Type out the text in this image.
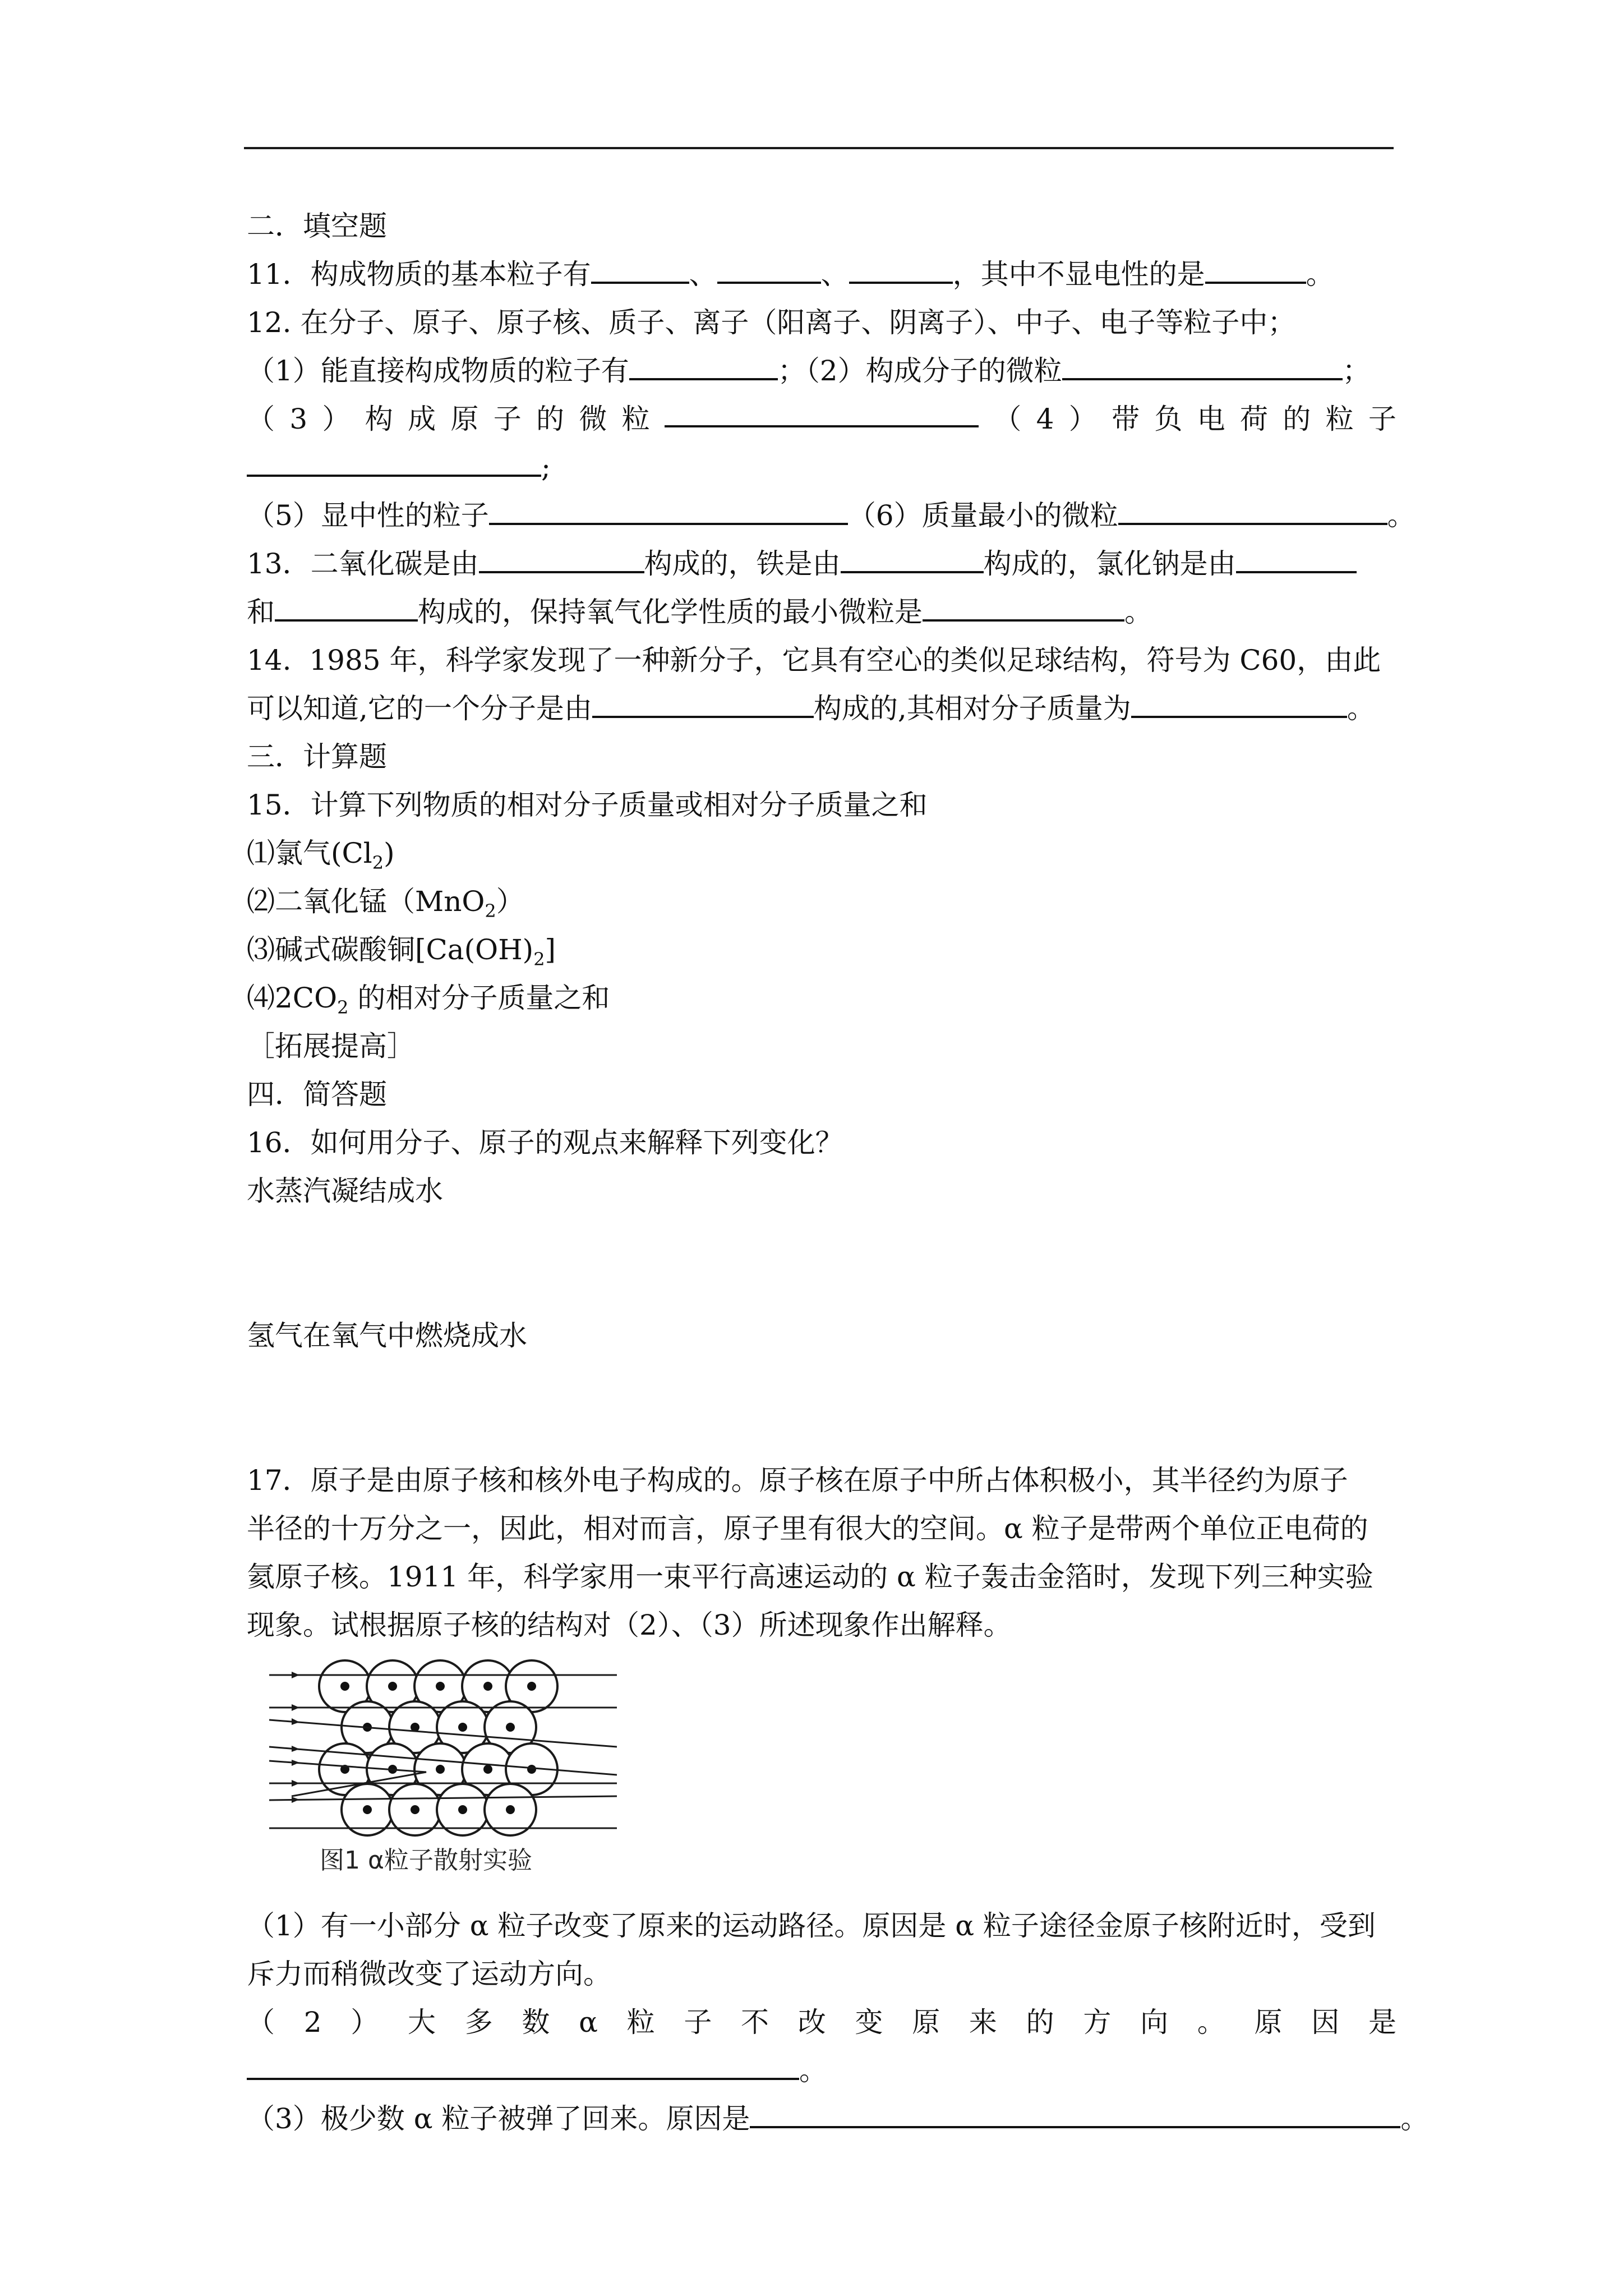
二．填空题
11．构成物质的基本粒子有	、	、	，其中不显电性的是	。
12. 在分子、原子、原子核、质子、离子（阳离子、阴离子）、中子、电子等粒子中；
（1）能直接构成物质的粒子有	；（2）构成分子的微粒	；
（ 3 ） 构 成 原 子 的 微 粒	（ 4 ） 带 负 电 荷 的 粒 子
;
（5）显中性的粒子	（6）质量最小的微粒	。
13．二氧化碳是由	构成的，铁是由	构成的，氯化钠是由
和	构成的，保持氧气化学性质的最小微粒是	。
14. 1985 年，科学家发现了一种新分子，它具有空心的类似足球结构，符号为 C60，由此
可以知道,它的一个分子是由	构成的,其相对分子质量为	。
三．计算题
15．计算下列物质的相对分子质量或相对分子质量之和
⑴氯气$(Cl_2)$
⑵二氧化锰（MnO$_2$）
⑶碱式碳酸铜$[Ca(OH)_2]$
$⑷2CO_2$ 的相对分子质量之和
［拓展提高］
四．简答题
16．如何用分子、原子的观点来解释下列变化？
水蒸汽凝结成水
氢气在氧气中燃烧成水
17．原子是由原子核和核外电子构成的。原子核在原子中所占体积极小，其半径约为原子
半径的十万分之一，因此，相对而言，原子里有很大的空间。α 粒子是带两个单位正电荷的
氦原子核。1911 年，科学家用一束平行高速运动的 α 粒子轰击金箔时，发现下列三种实验
现象。试根据原子核的结构对（2）、（3）所述现象作出解释。
图1 α粒子散射实验
（1）有一小部分 α 粒子改变了原来的运动路径。原因是 α 粒子途径金原子核附近时，受到
斥力而稍微改变了运动方向。
（ 2 ） 大 多 数 α 粒 子 不 改 变 原 来 的 方 向 。 原 因 是
。
（3）极少数 α 粒子被弹了回来。原因是	。
